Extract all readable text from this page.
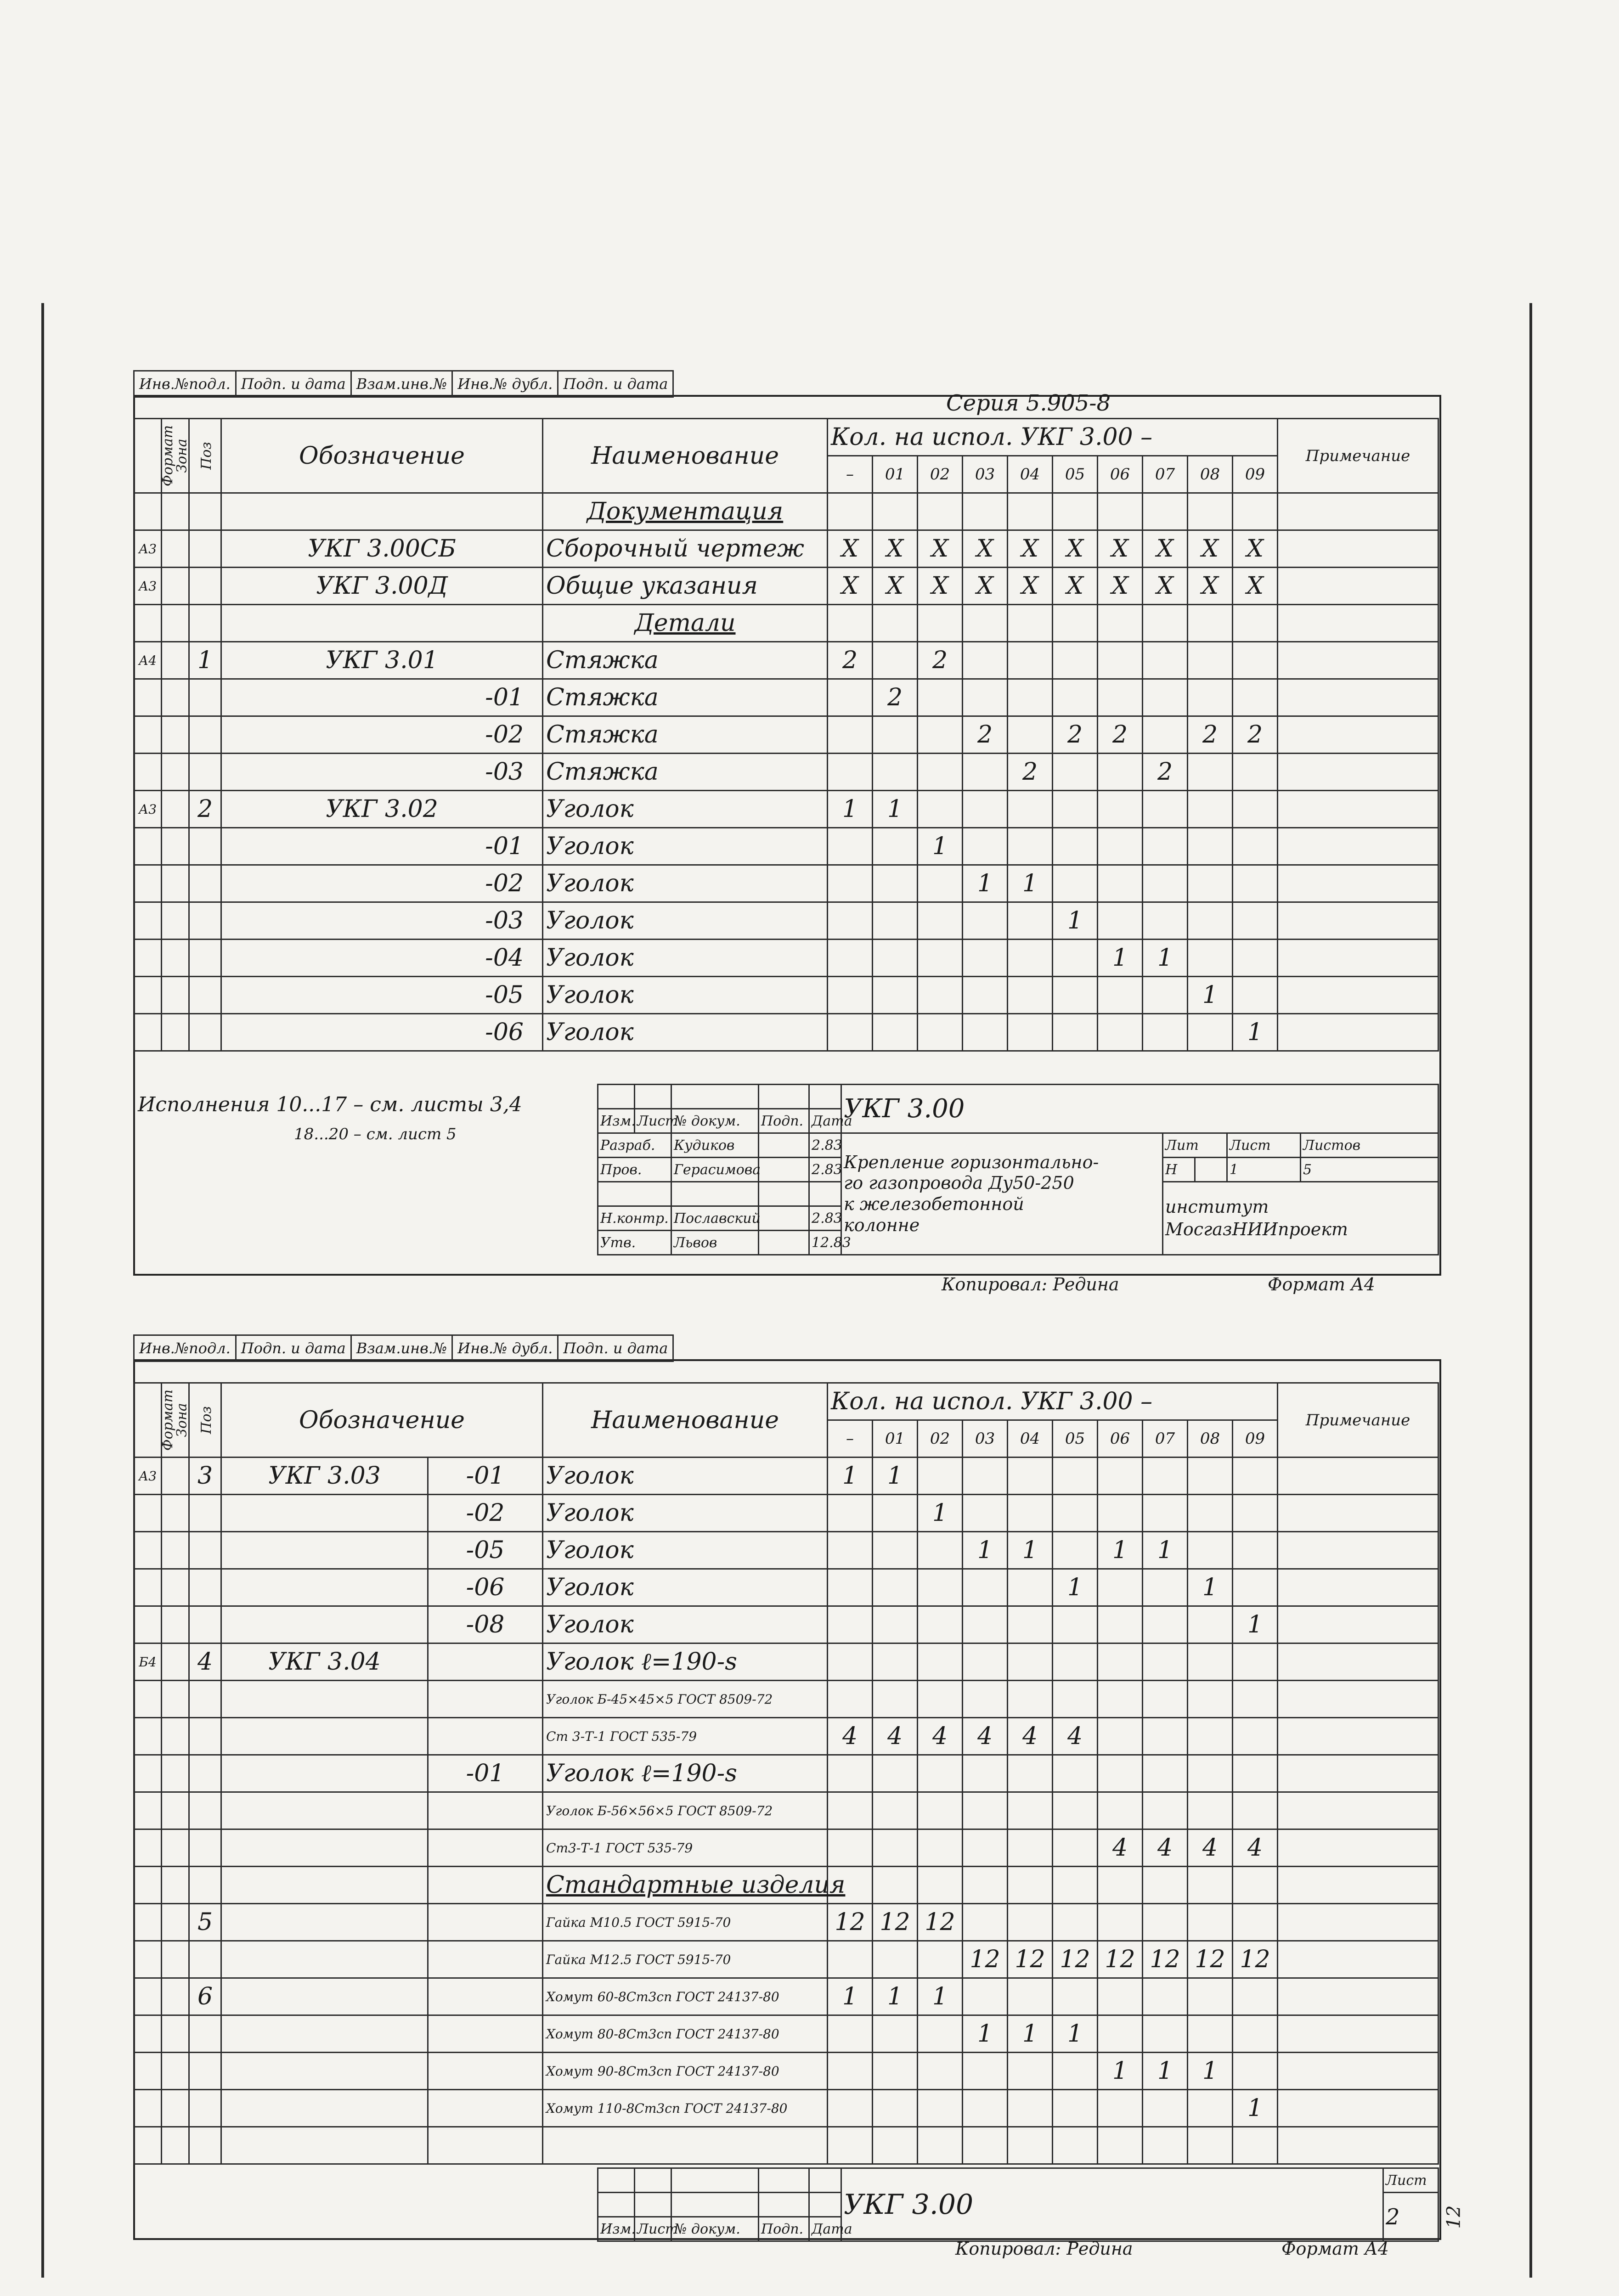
Инв.№подл.	Подп. и дата	Взам.инв.№	Инв.№ дубл.	Подп. и дата
Серия 5.905-8
Формат	Зона	Поз	Обозначение	Наименование	Кол. на испол. УКГ 3.00 –										Примечание
					–	01	02	03	04	05	06	07	08	09	
				Документация											
А3			УКГ 3.00СБ	Сборочный чертеж	X	X	X	X	X	X	X	X	X	X	
А3			УКГ 3.00Д	Общие указания	X	X	X	X	X	X	X	X	X	X	
				Детали											
А4		1	УКГ 3.01	Стяжка	2		2								
			-01	Стяжка		2									
			-02	Стяжка				2		2	2		2	2	
			-03	Стяжка					2			2			
А3		2	УКГ 3.02	Уголок	1	1									
			-01	Уголок			1								
			-02	Уголок				1	1						
			-03	Уголок						1					
			-04	Уголок							1	1			
			-05	Уголок									1		
			-06	Уголок										1	
Исполнения 10...17 – см. листы 3,4
18...20 – см. лист 5
					УКГ 3.00				
Изм.	Лист	№ докум.	Подп.	Дата					
Разраб.		Кудиков		2.83	Крепление горизонтально-
го газопровода Ду50-250
к железобетонной
колонне	Лит		Лист	Листов
Пров.		Герасимова		2.83		Н		1	5

						институт
МосгазНИИпроект			

Н.контр.		Пославский		2.83					
Утв.		Львов		12.83					
Копировал: Редина	Формат А4
Инв.№подл.	Подп. и дата	Взам.инв.№	Инв.№ дубл.	Подп. и дата
Формат	Зона	Поз	Обозначение		Наименование	Кол. на испол. УКГ 3.00 –										Примечание
						–	01	02	03	04	05	06	07	08	09	
А3		3	УКГ 3.03	-01	Уголок	1	1									
				-02	Уголок			1								
				-05	Уголок				1	1		1	1			
				-06	Уголок						1			1		
				-08	Уголок										1	
Б4		4	УКГ 3.04		Уголок ℓ=190-s											
					Уголок Б-45×45×5 ГОСТ 8509-72											
					Ст 3-Т-1 ГОСТ 535-79	4	4	4	4	4	4					
				-01	Уголок ℓ=190-s											
					Уголок Б-56×56×5 ГОСТ 8509-72											
					Ст3-Т-1 ГОСТ 535-79							4	4	4	4	
					Стандартные изделия											
		5			Гайка М10.5 ГОСТ 5915-70	12	12	12								
					Гайка М12.5 ГОСТ 5915-70				12	12	12	12	12	12	12	
		6			Хомут 60-8Ст3сп ГОСТ 24137-80	1	1	1								
					Хомут 80-8Ст3сп ГОСТ 24137-80				1	1	1					
					Хомут 90-8Ст3сп ГОСТ 24137-80							1	1	1		
					Хомут 110-8Ст3сп ГОСТ 24137-80										1	

					УКГ 3.00	Лист
						2
Изм.	Лист	№ докум.	Подп.	Дата		
12
Копировал: Редина	Формат А4
